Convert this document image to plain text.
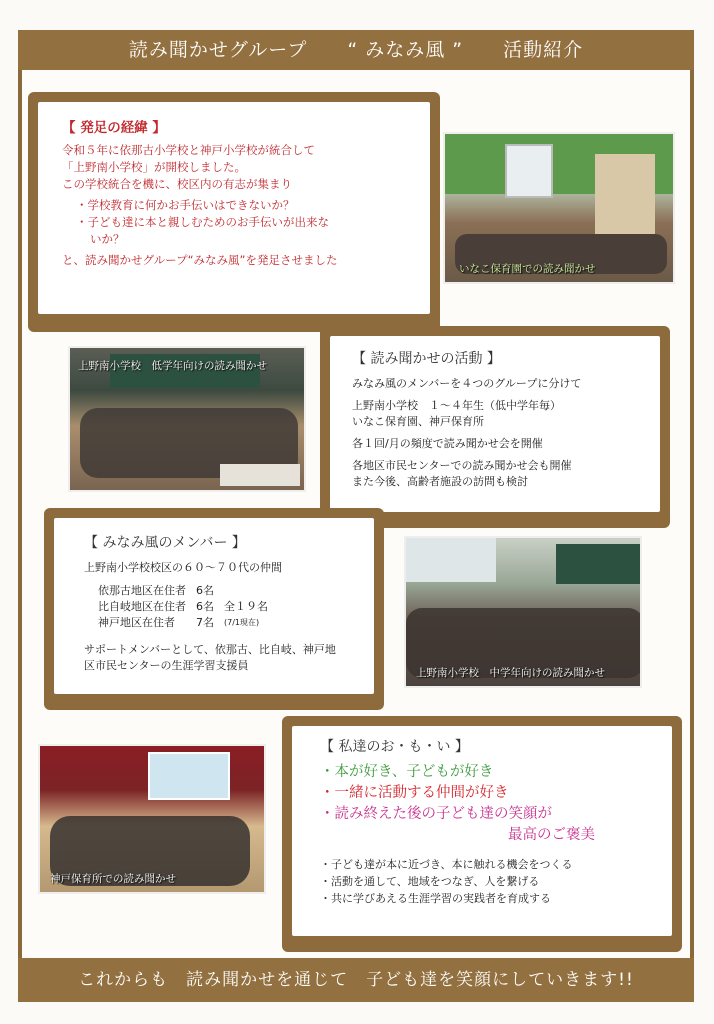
読み聞かせグループ　　“ みなみ風 ”　　活動紹介
【 発足の経緯 】
令和５年に依那古小学校と神戸小学校が統合して
「上野南小学校」が開校しました。
この学校統合を機に、校区内の有志が集まり
・学校教育に何かお手伝いはできないか？
・子ども達に本と親しむためのお手伝いが出来ないか？
と、読み聞かせグループ“みなみ風”を発足させました
いなこ保育園での読み聞かせ
上野南小学校　低学年向けの読み聞かせ	【 読み聞かせの活動 】
みなみ風のメンバーを４つのグループに分けて
上野南小学校　１～４年生（低中学年毎）
いなこ保育園、神戸保育所
各１回/月の頻度で読み聞かせ会を開催
各地区市民センターでの読み聞かせ会も開催
また今後、高齢者施設の訪問も検討
【 みなみ風のメンバー 】
上野南小学校校区の６０～７０代の仲間
依那古地区在住者	6名	
比自岐地区在住者	6名	全１９名
神戸地区在住者	7名	(7/1現在)
サポートメンバーとして、依那古、比自岐、神戸地区市民センターの生涯学習支援員
上野南小学校　中学年向けの読み聞かせ
神戸保育所での読み聞かせ
【 私達のお・も・い 】
・本が好き、子どもが好き
・一緒に活動する仲間が好き
・読み終えた後の子ども達の笑顔が
最高のご褒美
・子ども達が本に近づき、本に触れる機会をつくる
・活動を通して、地域をつなぎ、人を繋げる
・共に学びあえる生涯学習の実践者を育成する
これからも　読み聞かせを通じて　子ども達を笑顔にしていきます!!
